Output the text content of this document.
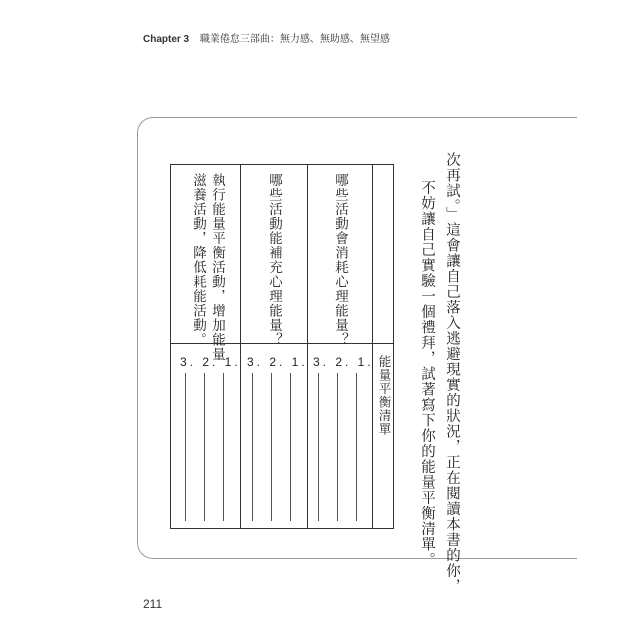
Chapter 3 職業倦怠三部曲：無力感、無助感、無望感
次再試。」這會讓自己落入逃避現實的狀況，正在閱讀本書的你，
不妨讓自己實驗一個禮拜，試著寫下你的能量平衡清單。
能量平衡清單
哪些活動會消耗心理能量？
3. 2. 1.
哪些活動能補充心理能量？
3. 2. 1.
執行能量平衡活動，增加能量
滋養活動，降低耗能活動。
3. 2. 1.
211
